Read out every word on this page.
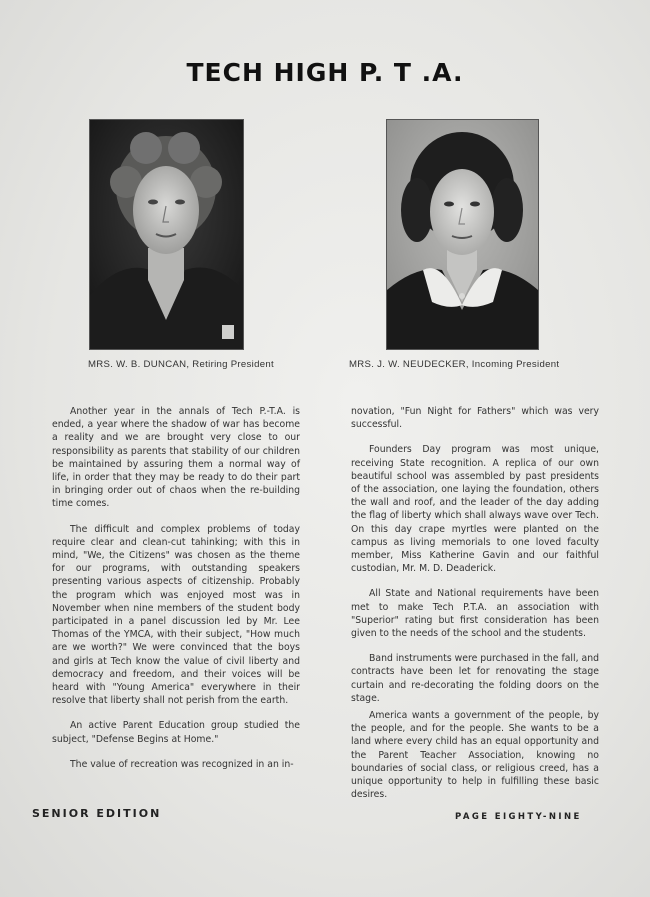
TECH HIGH P. T .A.
MRS. W. B. DUNCAN, Retiring President	MRS. J. W. NEUDECKER, Incoming President

Another year in the annals of Tech P.-T.A. is ended, a year where the shadow of war has become a reality and we are brought very close to our responsibility as parents that stability of our children be maintained by assuring them a normal way of life, in order that they may be ready to do their part in bringing order out of chaos when the re-building time comes.

The difficult and complex problems of today require clear and clean-cut tahinking; with this in mind, "We, the Citizens" was chosen as the theme for our programs, with outstanding speakers presenting various aspects of citizenship. Probably the program which was enjoyed most was in November when nine members of the student body participated in a panel discussion led by Mr. Lee Thomas of the YMCA, with their subject, "How much are we worth?" We were convinced that the boys and girls at Tech know the value of civil liberty and democracy and freedom, and their voices will be heard with "Young America" everywhere in their resolve that liberty shall not perish from the earth.

An active Parent Education group studied the subject, "Defense Begins at Home."

The value of recreation was recognized in an in-

novation, "Fun Night for Fathers" which was very successful.

Founders Day program was most unique, receiving State recognition. A replica of our own beautiful school was assembled by past presidents of the association, one laying the foundation, others the wall and roof, and the leader of the day adding the flag of liberty which shall always wave over Tech. On this day crape myrtles were planted on the campus as living memorials to one loved faculty member, Miss Katherine Gavin and our faithful custodian, Mr. M. D. Deaderick.

All State and National requirements have been met to make Tech P.T.A. an association with "Superior" rating but first consideration has been given to the needs of the school and the students.

Band instruments were purchased in the fall, and contracts have been let for renovating the stage curtain and re-decorating the folding doors on the stage.

America wants a government of the people, by the people, and for the people. She wants to be a land where every child has an equal opportunity and the Parent Teacher Association, knowing no boundaries of social class, or religious creed, has a unique opportunity to help in fulfilling these basic desires.

SENIOR EDITION	PAGE EIGHTY-NINE
